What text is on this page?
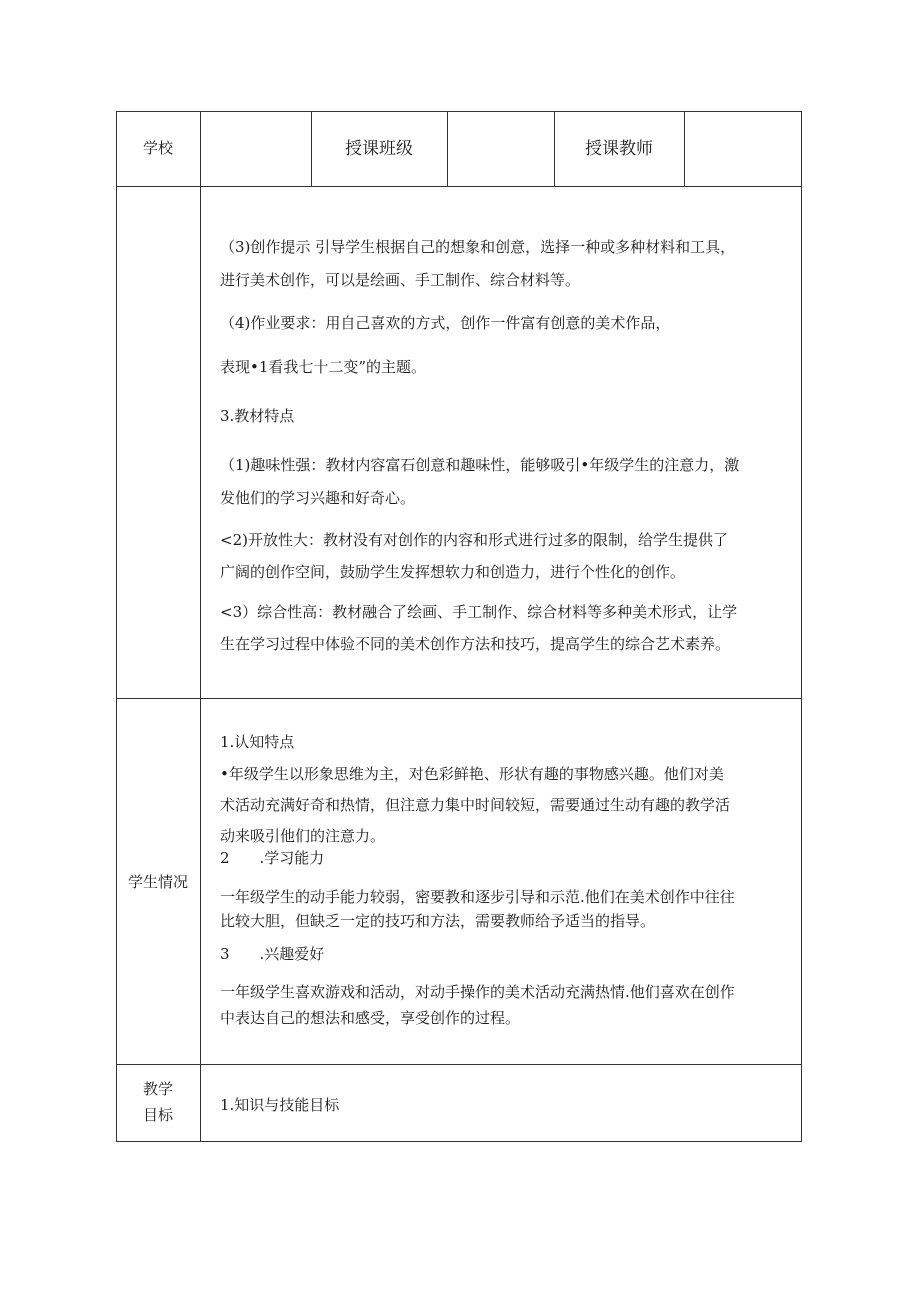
学校	授课班级	授课教师
（3)创作提示 引导学生根据自己的想象和创意，选择一种或多种材料和工具，
进行美术创作，可以是绘画、手工制作、综合材料等。
（4)作业要求：用自己喜欢的方式，创作一件富有创意的美术作品，
表现•1看我七十二变”的主题。
3.教材特点
（1)趣味性强：教材内容富石创意和趣味性，能够吸引•年级学生的注意力，激
发他们的学习兴趣和好奇心。
<2)开放性大：教材没有对创作的内容和形式进行过多的限制，给学生提供了
广阔的创作空间，鼓励学生发挥想软力和创造力，进行个性化的创作。
<3）综合性高：教材融合了绘画、手工制作、综合材料等多种美术形式，让学
生在学习过程中体验不同的美术创作方法和技巧，提高学生的综合艺术素养。
学生情况
1.认知特点
•年级学生以形象思维为主，对色彩鲜艳、形状有趣的事物感兴趣。他们对美
术活动充满好奇和热情，但注意力集中时间较短，需要通过生动有趣的教学活
动来吸引他们的注意力。
2　　.学习能力
一年级学生的动手能力较弱，密要教和逐步引导和示范.他们在美术创作中往往
比较大胆，但缺乏一定的技巧和方法，需要教师给予适当的指导。
3　　.兴趣爱好
一年级学生喜欢游戏和活动，对动手操作的美术活动充满热情.他们喜欢在创作
中表达自己的想法和感受，享受创作的过程。
教学
目标
1.知识与技能目标
